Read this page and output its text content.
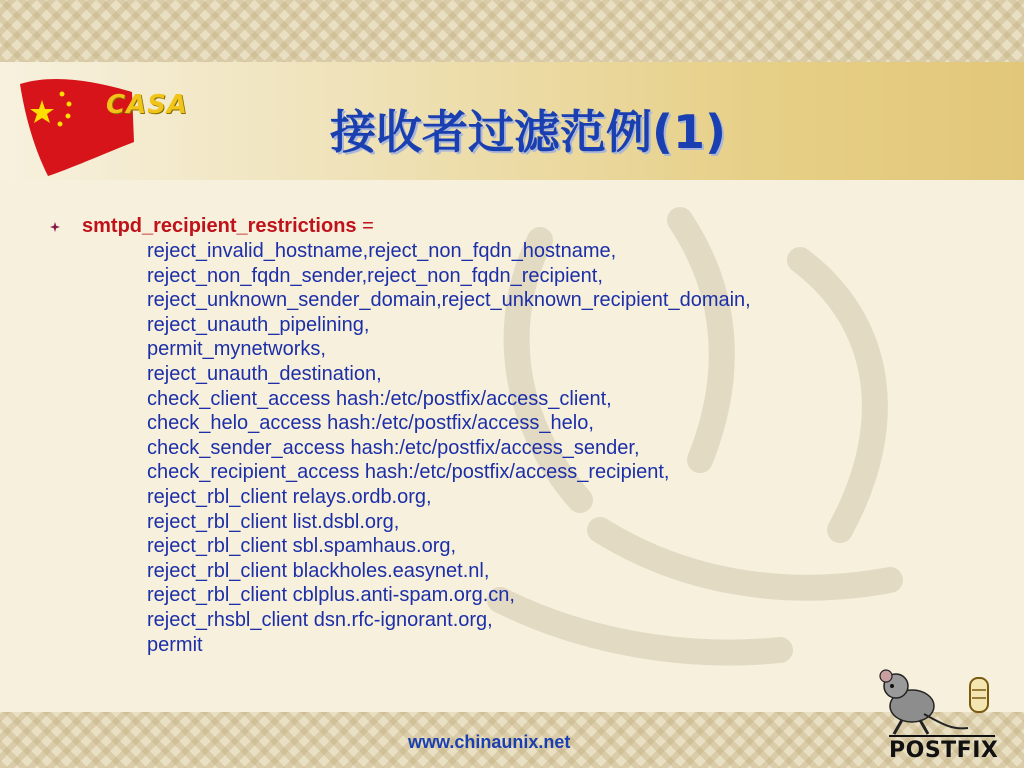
CASA	接收者过滤范例(1)

smtpd_recipient_restrictions =

reject_invalid_hostname,reject_non_fqdn_hostname,
reject_non_fqdn_sender,reject_non_fqdn_recipient,
reject_unknown_sender_domain,reject_unknown_recipient_domain,
reject_unauth_pipelining,
permit_mynetworks,
reject_unauth_destination,
check_client_access hash:/etc/postfix/access_client,
check_helo_access hash:/etc/postfix/access_helo,
check_sender_access hash:/etc/postfix/access_sender,
check_recipient_access hash:/etc/postfix/access_recipient,
reject_rbl_client relays.ordb.org,
reject_rbl_client list.dsbl.org,
reject_rbl_client sbl.spamhaus.org,
reject_rbl_client blackholes.easynet.nl,
reject_rbl_client cblplus.anti-spam.org.cn,
reject_rhsbl_client dsn.rfc-ignorant.org,
permit
www.chinaunix.net	POSTFIX
